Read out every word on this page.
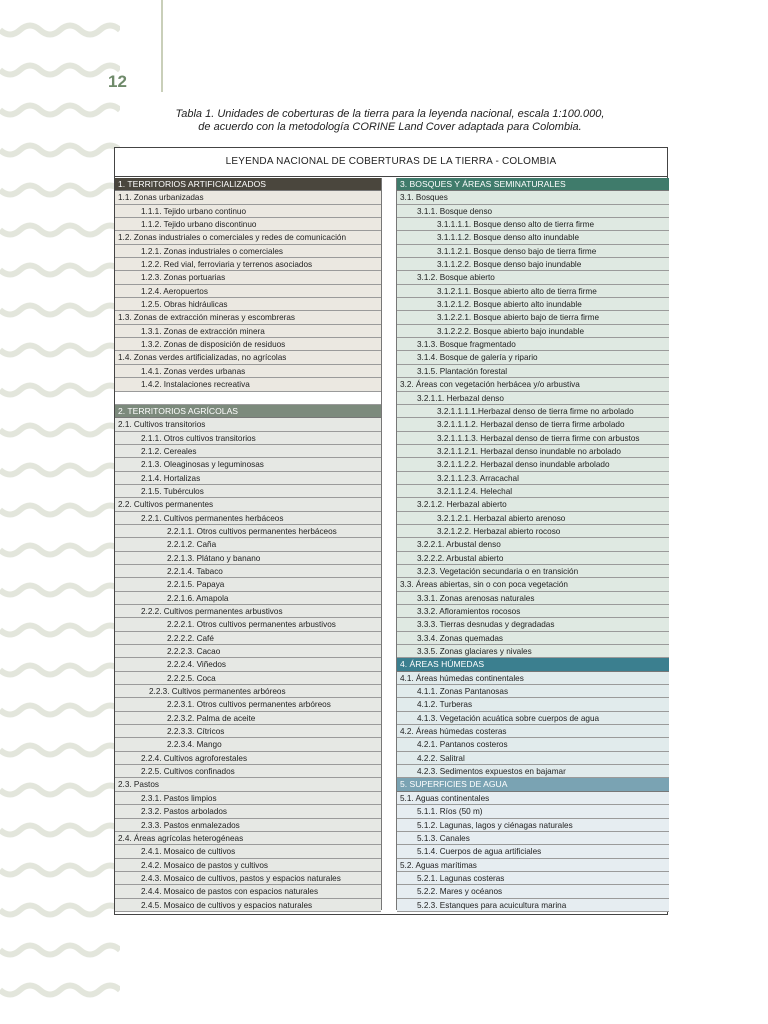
12
Tabla 1. Unidades de coberturas de la tierra para la leyenda nacional, escala 1:100.000,
de acuerdo con la metodología CORINE Land Cover adaptada para Colombia.
LEYENDA NACIONAL DE COBERTURAS DE LA TIERRA - COLOMBIA
1. TERRITORIOS ARTIFICIALIZADOS
1.1. Zonas urbanizadas
1.1.1. Tejido urbano continuo
1.1.2. Tejido urbano discontinuo
1.2. Zonas industriales o comerciales y redes de comunicación
1.2.1. Zonas industriales o comerciales
1.2.2. Red vial, ferroviaria y terrenos asociados
1.2.3. Zonas portuarias
1.2.4. Aeropuertos
1.2.5. Obras hidráulicas
1.3. Zonas de extracción mineras y escombreras
1.3.1. Zonas de extracción minera
1.3.2. Zonas de disposición de residuos
1.4. Zonas verdes artificializadas, no agrícolas
1.4.1. Zonas verdes urbanas
1.4.2. Instalaciones recreativa
2. TERRITORIOS AGRÍCOLAS
2.1. Cultivos transitorios
2.1.1. Otros cultivos transitorios
2.1.2. Cereales
2.1.3. Oleaginosas y leguminosas
2.1.4. Hortalizas
2.1.5. Tubérculos
2.2. Cultivos permanentes
2.2.1. Cultivos permanentes herbáceos
2.2.1.1. Otros cultivos permanentes herbáceos
2.2.1.2. Caña
2.2.1.3. Plátano y banano
2.2.1.4. Tabaco
2.2.1.5. Papaya
2.2.1.6. Amapola
2.2.2. Cultivos permanentes arbustivos
2.2.2.1. Otros cultivos permanentes arbustivos
2.2.2.2. Café
2.2.2.3. Cacao
2.2.2.4. Viñedos
2.2.2.5. Coca
2.2.3. Cultivos permanentes arbóreos
2.2.3.1. Otros cultivos permanentes arbóreos
2.2.3.2. Palma de aceite
2.2.3.3. Cítricos
2.2.3.4. Mango
2.2.4. Cultivos agroforestales
2.2.5. Cultivos confinados
2.3. Pastos
2.3.1. Pastos limpios
2.3.2. Pastos arbolados
2.3.3. Pastos enmalezados
2.4. Áreas agrícolas heterogéneas
2.4.1. Mosaico de cultivos
2.4.2. Mosaico de pastos y cultivos
2.4.3. Mosaico de cultivos, pastos y espacios naturales
2.4.4. Mosaico de pastos con espacios naturales
2.4.5. Mosaico de cultivos y espacios naturales
3. BOSQUES Y ÁREAS SEMINATURALES
3.1. Bosques
3.1.1. Bosque denso
3.1.1.1.1. Bosque denso alto de tierra firme
3.1.1.1.2. Bosque denso alto inundable
3.1.1.2.1. Bosque denso bajo de tierra firme
3.1.1.2.2. Bosque denso bajo inundable
3.1.2. Bosque abierto
3.1.2.1.1. Bosque abierto alto de tierra firme
3.1.2.1.2. Bosque abierto alto inundable
3.1.2.2.1. Bosque abierto bajo de tierra firme
3.1.2.2.2. Bosque abierto bajo inundable
3.1.3. Bosque fragmentado
3.1.4. Bosque de galería y ripario
3.1.5. Plantación forestal
3.2. Áreas con vegetación herbácea y/o arbustiva
3.2.1.1. Herbazal denso
3.2.1.1.1.1.Herbazal denso de tierra firme no arbolado
3.2.1.1.1.2. Herbazal denso de tierra firme arbolado
3.2.1.1.1.3. Herbazal denso de tierra firme con arbustos
3.2.1.1.2.1. Herbazal denso inundable no arbolado
3.2.1.1.2.2. Herbazal denso inundable arbolado
3.2.1.1.2.3. Arracachal
3.2.1.1.2.4. Helechal
3.2.1.2. Herbazal abierto
3.2.1.2.1. Herbazal abierto arenoso
3.2.1.2.2. Herbazal abierto rocoso
3.2.2.1. Arbustal denso
3.2.2.2. Arbustal abierto
3.2.3. Vegetación secundaria o en transición
3.3. Áreas abiertas, sin o con poca vegetación
3.3.1. Zonas arenosas naturales
3.3.2. Afloramientos rocosos
3.3.3. Tierras desnudas y degradadas
3.3.4. Zonas quemadas
3.3.5. Zonas glaciares y nivales
4. ÁREAS HÚMEDAS
4.1. Áreas húmedas continentales
4.1.1. Zonas Pantanosas
4.1.2. Turberas
4.1.3. Vegetación acuática sobre cuerpos de agua
4.2. Áreas húmedas costeras
4.2.1. Pantanos costeros
4.2.2. Salitral
4.2.3. Sedimentos expuestos en bajamar
5. SUPERFICIES DE AGUA
5.1. Aguas continentales
5.1.1. Ríos (50 m)
5.1.2. Lagunas, lagos y ciénagas naturales
5.1.3. Canales
5.1.4. Cuerpos de agua artificiales
5.2. Aguas marítimas
5.2.1. Lagunas costeras
5.2.2. Mares y océanos
5.2.3. Estanques para acuicultura marina
